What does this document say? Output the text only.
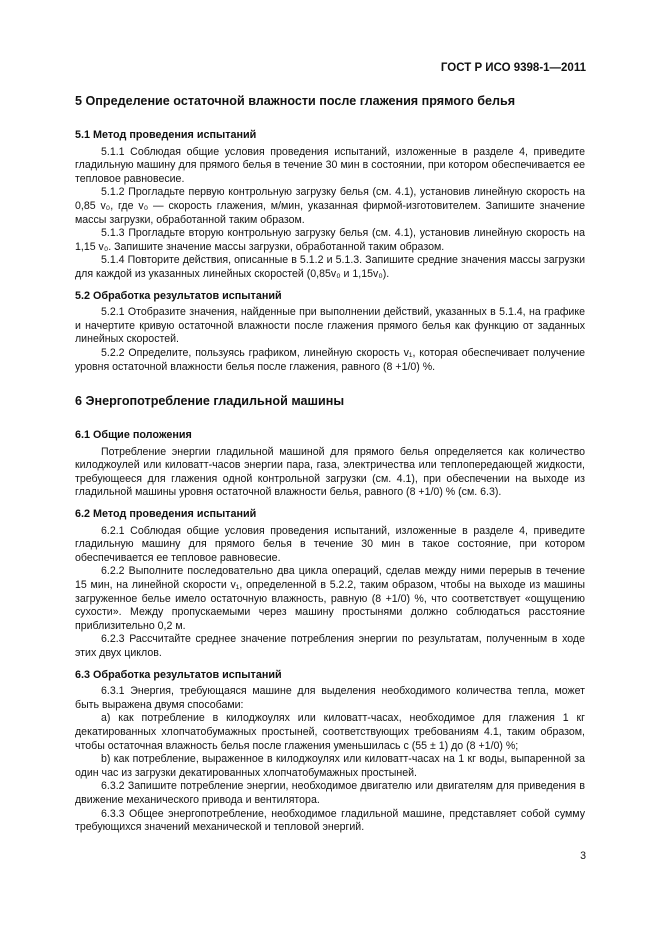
ГОСТ Р ИСО 9398-1—2011
5 Определение остаточной влажности после глажения прямого белья
5.1 Метод проведения испытаний

5.1.1 Соблюдая общие условия проведения испытаний, изложенные в разделе 4, приведите гладильную машину для прямого белья в течение 30 мин в состоянии, при котором обеспечивается ее тепловое равновесие.

5.1.2 Прогладьте первую контрольную загрузку белья (см. 4.1), установив линейную скорость на 0,85 v₀, где v₀ — скорость глажения, м/мин, указанная фирмой-изготовителем. Запишите значение массы загрузки, обработанной таким образом.

5.1.3 Прогладьте вторую контрольную загрузку белья (см. 4.1), установив линейную скорость на 1,15 v₀. Запишите значение массы загрузки, обработанной таким образом.

5.1.4 Повторите действия, описанные в 5.1.2 и 5.1.3. Запишите средние значения массы загрузки для каждой из указанных линейных скоростей (0,85v₀ и 1,15v₀).

5.2 Обработка результатов испытаний

5.2.1 Отобразите значения, найденные при выполнении действий, указанных в 5.1.4, на графике и начертите кривую остаточной влажности после глажения прямого белья как функцию от заданных линейных скоростей.

5.2.2 Определите, пользуясь графиком, линейную скорость v₁, которая обеспечивает получение уровня остаточной влажности белья после глажения, равного (8 +1/0) %.

6 Энергопотребление гладильной машины
6.1 Общие положения

Потребление энергии гладильной машиной для прямого белья определяется как количество килоджоулей или киловатт-часов энергии пара, газа, электричества или теплопередающей жидкости, требующееся для глажения одной контрольной загрузки (см. 4.1), при обеспечении на выходе из гладильной машины уровня остаточной влажности белья, равного (8 +1/0) % (см. 6.3).

6.2 Метод проведения испытаний

6.2.1 Соблюдая общие условия проведения испытаний, изложенные в разделе 4, приведите гладильную машину для прямого белья в течение 30 мин в такое состояние, при котором обеспечивается ее тепловое равновесие.

6.2.2 Выполните последовательно два цикла операций, сделав между ними перерыв в течение 15 мин, на линейной скорости v₁, определенной в 5.2.2, таким образом, чтобы на выходе из машины загруженное белье имело остаточную влажность, равную (8 +1/0) %, что соответствует «ощущению сухости». Между пропускаемыми через машину простынями должно соблюдаться расстояние приблизительно 0,2 м.

6.2.3 Рассчитайте среднее значение потребления энергии по результатам, полученным в ходе этих двух циклов.

6.3 Обработка результатов испытаний

6.3.1 Энергия, требующаяся машине для выделения необходимого количества тепла, может быть выражена двумя способами:

а) как потребление в килоджоулях или киловатт-часах, необходимое для глажения 1 кг декатированных хлопчатобумажных простыней, соответствующих требованиям 4.1, таким образом, чтобы остаточная влажность белья после глажения уменьшилась с (55 ± 1) до (8 +1/0) %;

b) как потребление, выраженное в килоджоулях или киловатт-часах на 1 кг воды, выпаренной за один час из загрузки декатированных хлопчатобумажных простыней.

6.3.2 Запишите потребление энергии, необходимое двигателю или двигателям для приведения в движение механического привода и вентилятора.

6.3.3 Общее энергопотребление, необходимое гладильной машине, представляет собой сумму требующихся значений механической и тепловой энергий.

3
